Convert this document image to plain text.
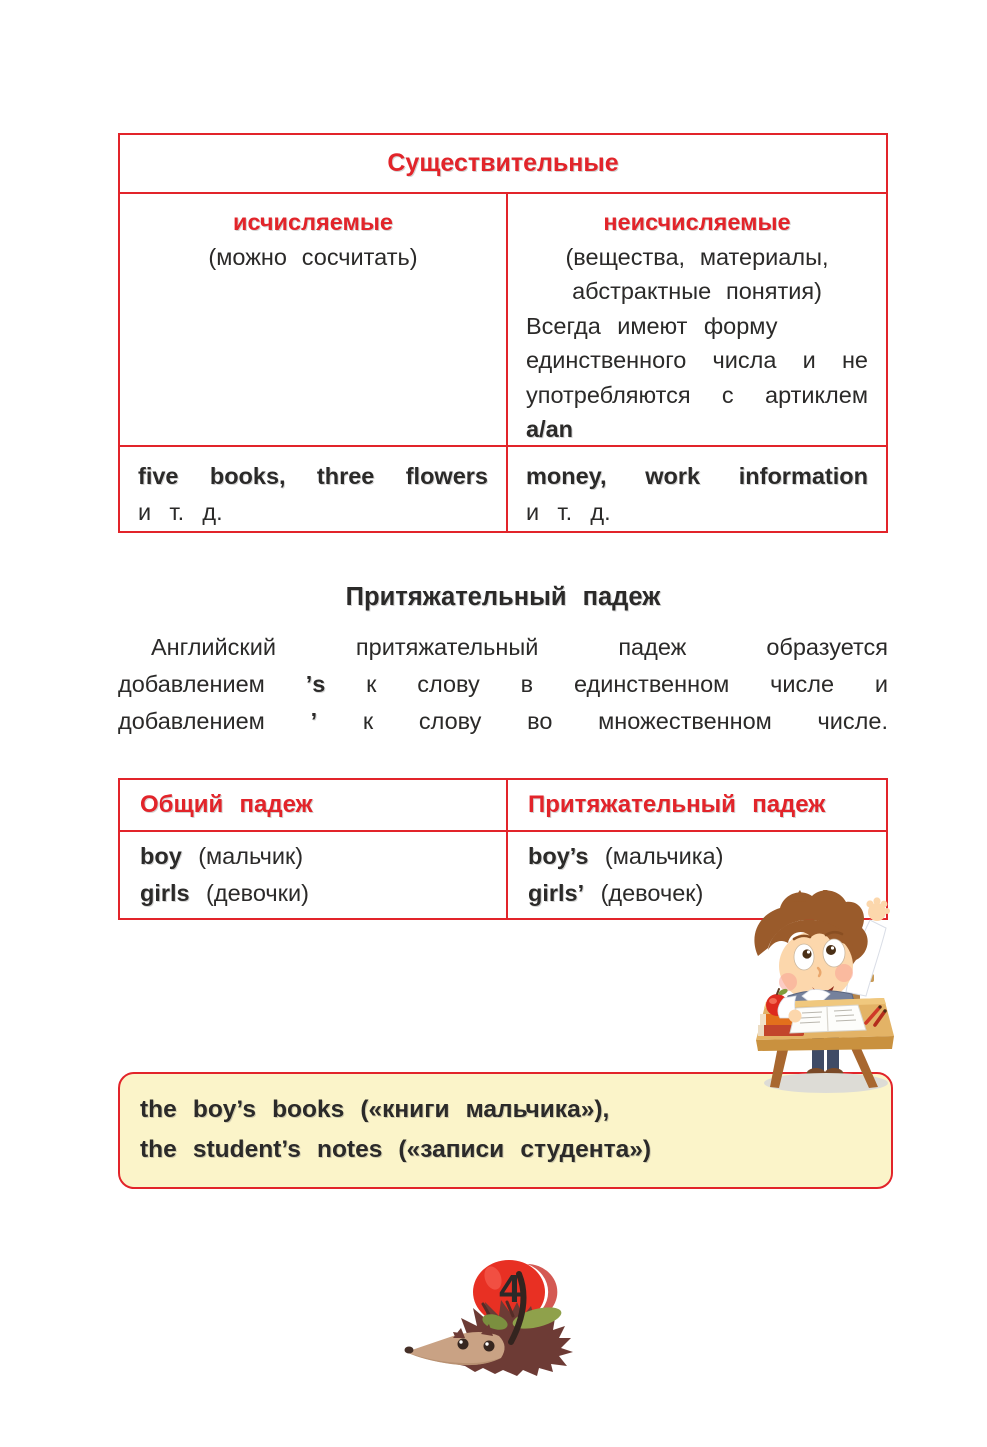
Существительные
исчисляемые
(можно сосчитать)
неисчисляемые
(вещества, материалы,
абстрактные понятия)
Всегда имеют форму
единственного числа и не
употребляются с артиклем
a/an
five books, three flowers
и т. д.
money, work information
и т. д.
Притяжательный падеж
Английский притяжательный падеж образуется
добавлением ’s к слову в единственном числе и
добавлением ’ к слову во множественном числе.
Общий падеж	Притяжательный падеж
boy (мальчик)
girls (девочки)
boy’s (мальчика)
girls’ (девочек)
the boy’s books («книги мальчика»),
the student’s notes («записи студента»)
4
